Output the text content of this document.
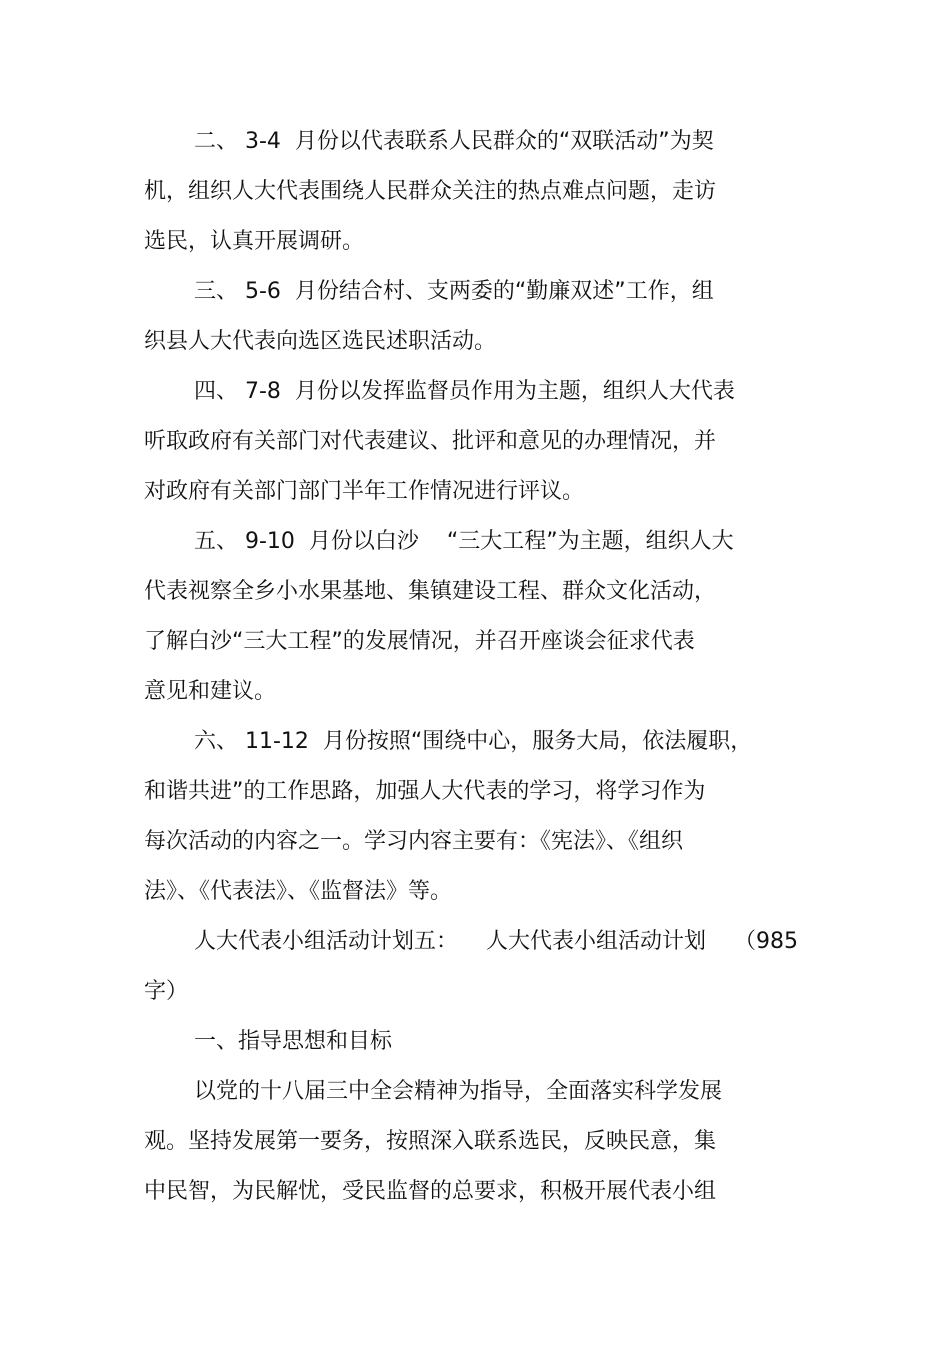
二、 3-4  月份以代表联系人民群众的“双联活动”为契
机，组织人大代表围绕人民群众关注的热点难点问题，走访
选民，认真开展调研。
三、 5-6  月份结合村、支两委的“勤廉双述”工作，组
织县人大代表向选区选民述职活动。
四、 7-8  月份以发挥监督员作用为主题，组织人大代表
听取政府有关部门对代表建议、批评和意见的办理情况，并
对政府有关部门部门半年工作情况进行评议。
五、 9-10  月份以白沙    “三大工程”为主题，组织人大
代表视察全乡小水果基地、集镇建设工程、群众文化活动，
了解白沙“三大工程”的发展情况，并召开座谈会征求代表
意见和建议。
六、 11-12  月份按照“围绕中心，服务大局，依法履职，
和谐共进”的工作思路，加强人大代表的学习，将学习作为
每次活动的内容之一。学习内容主要有：《宪法》、《组织
法》、《代表法》、《监督法》等。
人大代表小组活动计划五：    人大代表小组活动计划    （985
字）
一、指导思想和目标
以党的十八届三中全会精神为指导，全面落实科学发展
观。坚持发展第一要务，按照深入联系选民，反映民意，集
中民智，为民解忧，受民监督的总要求，积极开展代表小组
